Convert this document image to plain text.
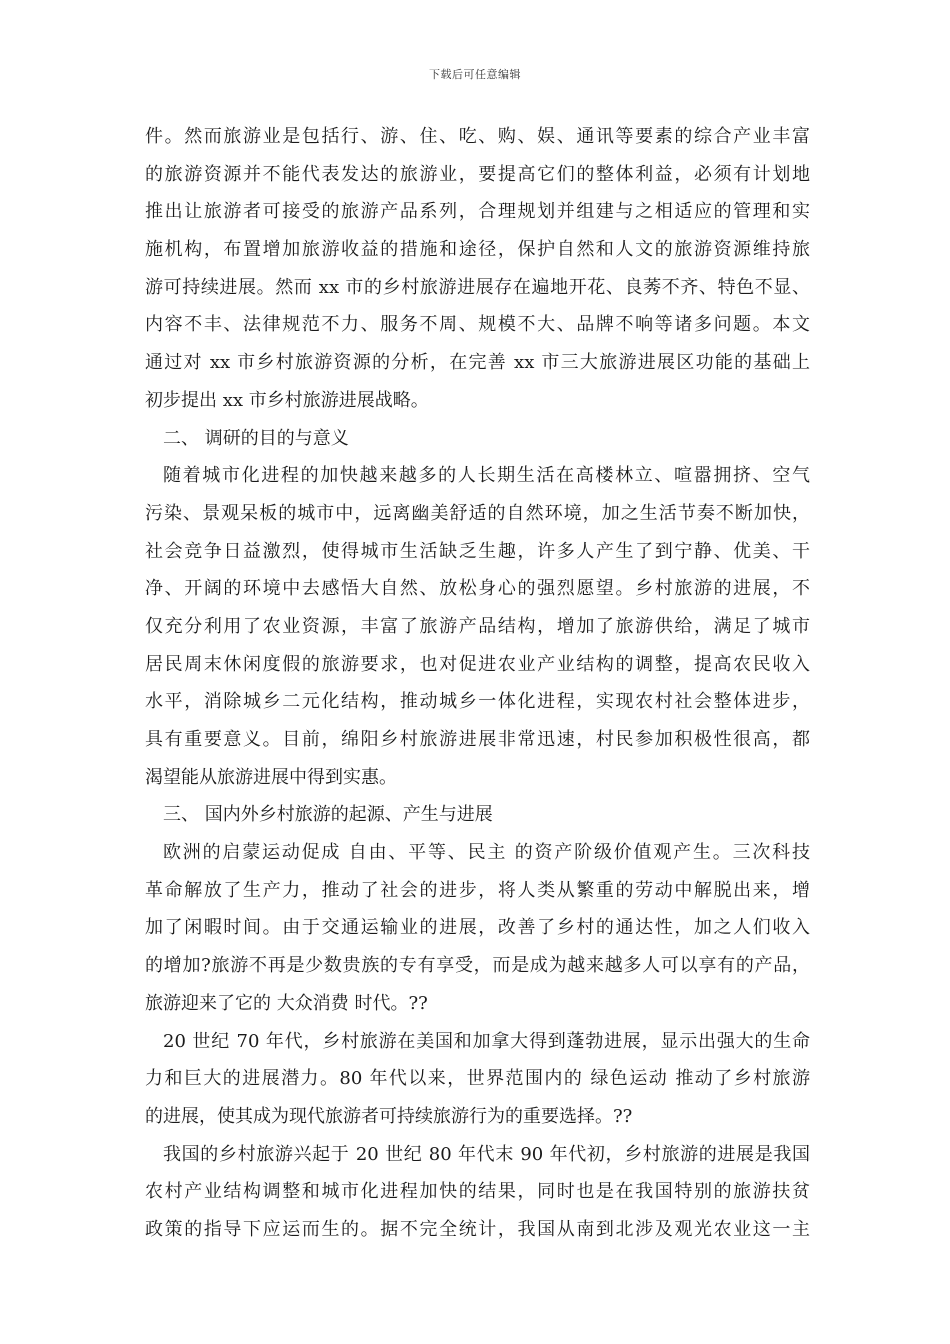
下载后可任意编辑
件。然而旅游业是包括行、游、住、吃、购、娱、通讯等要素的综合产业丰富
的旅游资源并不能代表发达的旅游业，要提高它们的整体利益，必须有计划地
推出让旅游者可接受的旅游产品系列，合理规划并组建与之相适应的管理和实
施机构，布置增加旅游收益的措施和途径，保护自然和人文的旅游资源维持旅
游可持续进展。然而 xx 市的乡村旅游进展存在遍地开花、良莠不齐、特色不显、
内容不丰、法律规范不力、服务不周、规模不大、品牌不响等诸多问题。本文
通过对 xx 市乡村旅游资源的分析，在完善 xx 市三大旅游进展区功能的基础上
初步提出 xx 市乡村旅游进展战略。
二、 调研的目的与意义
随着城市化进程的加快越来越多的人长期生活在高楼林立、喧嚣拥挤、空气
污染、景观呆板的城市中，远离幽美舒适的自然环境，加之生活节奏不断加快，
社会竞争日益激烈，使得城市生活缺乏生趣，许多人产生了到宁静、优美、干
净、开阔的环境中去感悟大自然、放松身心的强烈愿望。乡村旅游的进展，不
仅充分利用了农业资源，丰富了旅游产品结构，增加了旅游供给，满足了城市
居民周末休闲度假的旅游要求，也对促进农业产业结构的调整，提高农民收入
水平，消除城乡二元化结构，推动城乡一体化进程，实现农村社会整体进步，
具有重要意义。目前，绵阳乡村旅游进展非常迅速，村民参加积极性很高，都
渴望能从旅游进展中得到实惠。
三、 国内外乡村旅游的起源、产生与进展
欧洲的启蒙运动促成 自由、平等、民主 的资产阶级价值观产生。三次科技
革命解放了生产力，推动了社会的进步，将人类从繁重的劳动中解脱出来，增
加了闲暇时间。由于交通运输业的进展，改善了乡村的通达性，加之人们收入
的增加?旅游不再是少数贵族的专有享受，而是成为越来越多人可以享有的产品，
旅游迎来了它的 大众消费 时代。??
20 世纪 70 年代，乡村旅游在美国和加拿大得到蓬勃进展，显示出强大的生命
力和巨大的进展潜力。80 年代以来，世界范围内的 绿色运动 推动了乡村旅游
的进展，使其成为现代旅游者可持续旅游行为的重要选择。??
我国的乡村旅游兴起于 20 世纪 80 年代末 90 年代初，乡村旅游的进展是我国
农村产业结构调整和城市化进程加快的结果，同时也是在我国特别的旅游扶贫
政策的指导下应运而生的。据不完全统计，我国从南到北涉及观光农业这一主
